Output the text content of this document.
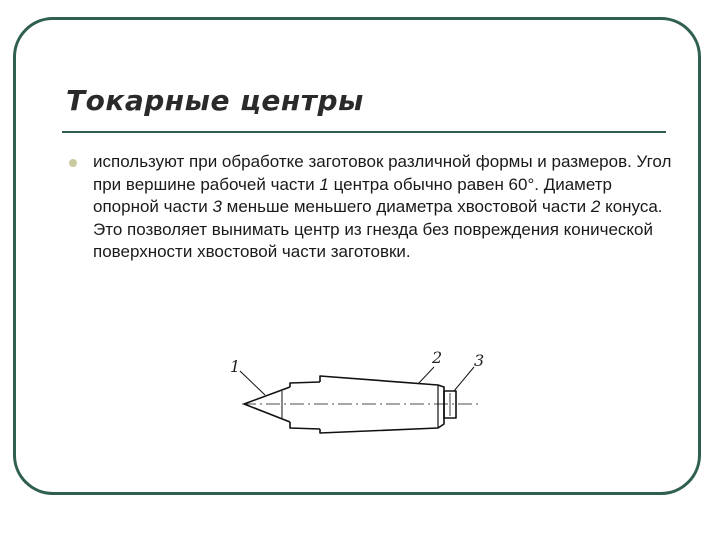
Токарные центры

используют при обработке заготовок различной формы и размеров. Угол при вершине рабочей части 1 центра обычно равен 60°. Диаметр опорной части 3 меньше меньшего диаметра хвостовой части 2 конуса. Это позволяет вынимать центр из гнезда без повреждения конической поверхности хвостовой части заготовки.

1	2 3
